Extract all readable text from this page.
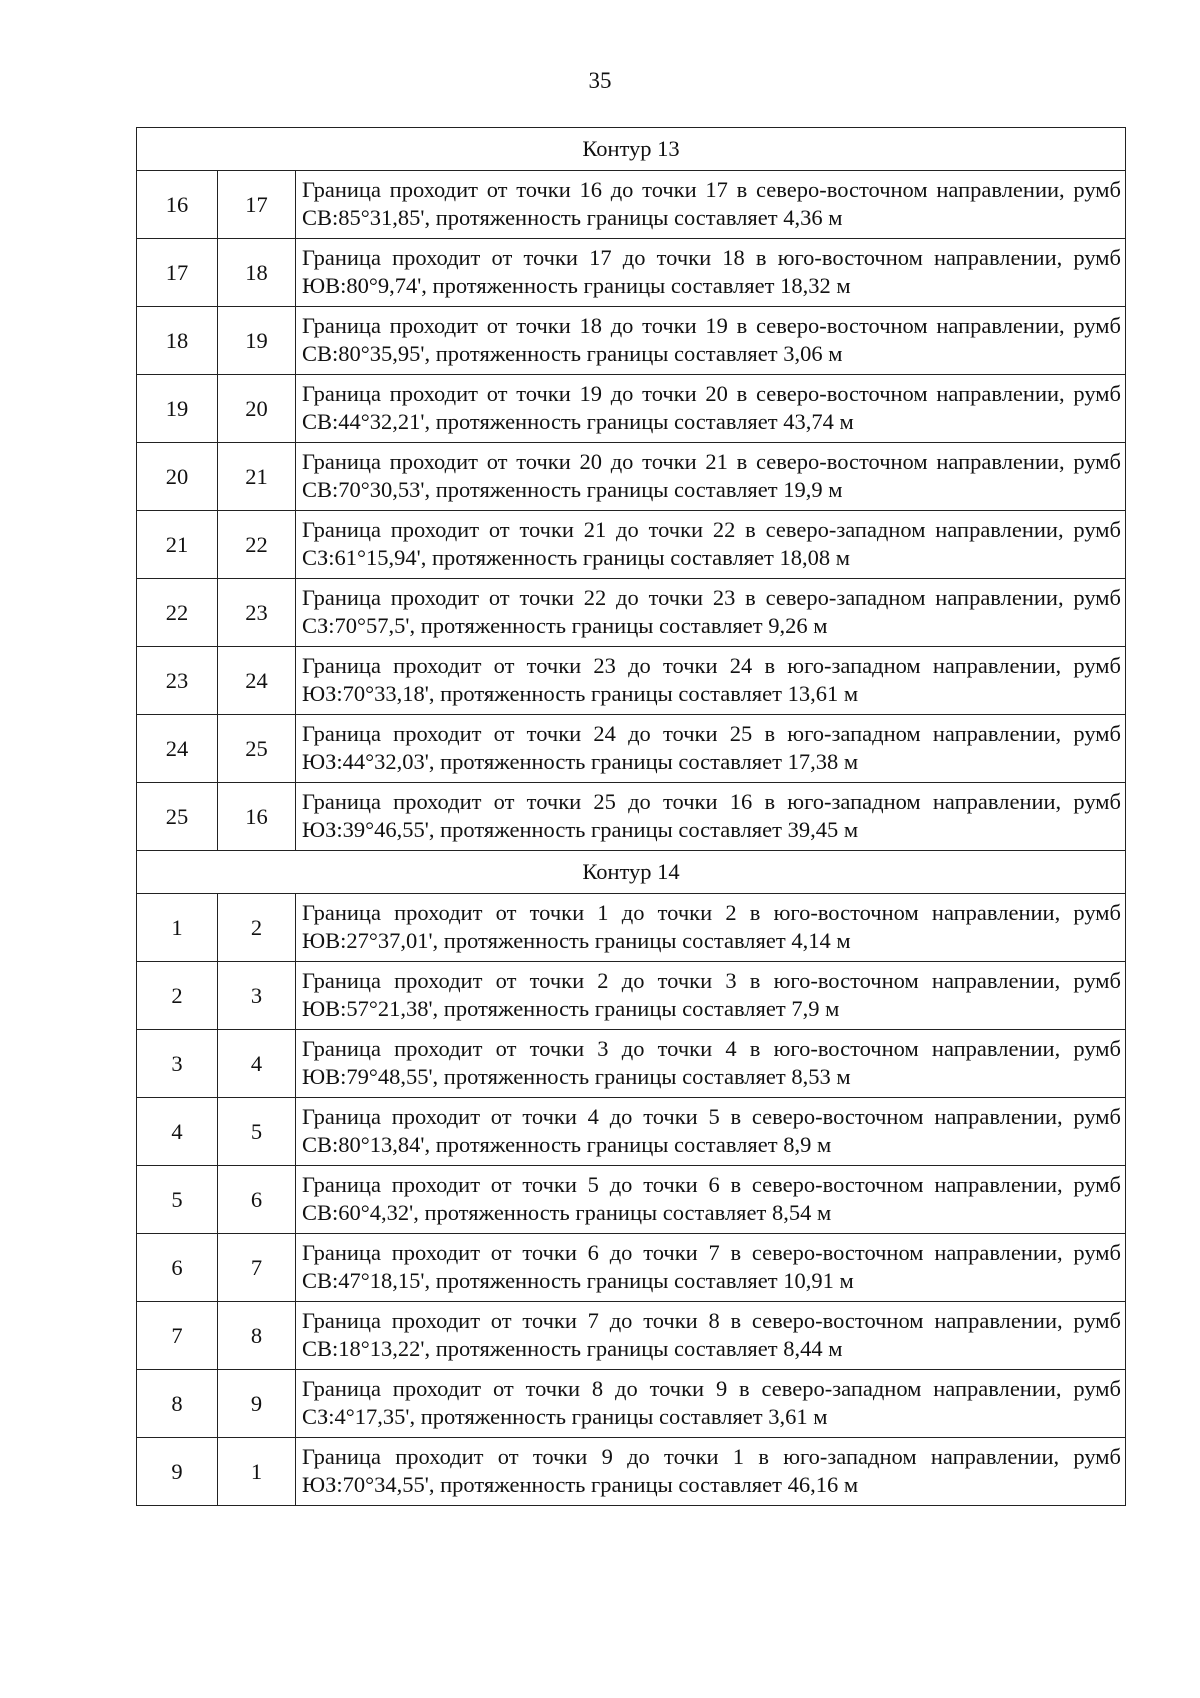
35
Контур 13		
16	17	Граница проходит от точки 16 до точки 17 в северо-восточном направлении, румб СВ:85°31,85', протяженность границы составляет 4,36 м

17	18	Граница проходит от точки 17 до точки 18 в юго-восточном направлении, румб ЮВ:80°9,74', протяженность границы составляет 18,32 м

18	19	Граница проходит от точки 18 до точки 19 в северо-восточном направлении, румб СВ:80°35,95', протяженность границы составляет 3,06 м

19	20	Граница проходит от точки 19 до точки 20 в северо-восточном направлении, румб СВ:44°32,21', протяженность границы составляет 43,74 м

20	21	Граница проходит от точки 20 до точки 21 в северо-восточном направлении, румб СВ:70°30,53', протяженность границы составляет 19,9 м

21	22	Граница проходит от точки 21 до точки 22 в северо-западном направлении, румб СЗ:61°15,94', протяженность границы составляет 18,08 м

22	23	Граница проходит от точки 22 до точки 23 в северо-западном направлении, румб СЗ:70°57,5', протяженность границы составляет 9,26 м

23	24	Граница проходит от точки 23 до точки 24 в юго-западном направлении, румб ЮЗ:70°33,18', протяженность границы составляет 13,61 м

24	25	Граница проходит от точки 24 до точки 25 в юго-западном направлении, румб ЮЗ:44°32,03', протяженность границы составляет 17,38 м

25	16	Граница проходит от точки 25 до точки 16 в юго-западном направлении, румб ЮЗ:39°46,55', протяженность границы составляет 39,45 м

Контур 14		
1	2	Граница проходит от точки 1 до точки 2 в юго-восточном направлении, румб ЮВ:27°37,01', протяженность границы составляет 4,14 м

2	3	Граница проходит от точки 2 до точки 3 в юго-восточном направлении, румб ЮВ:57°21,38', протяженность границы составляет 7,9 м

3	4	Граница проходит от точки 3 до точки 4 в юго-восточном направлении, румб ЮВ:79°48,55', протяженность границы составляет 8,53 м

4	5	Граница проходит от точки 4 до точки 5 в северо-восточном направлении, румб СВ:80°13,84', протяженность границы составляет 8,9 м

5	6	Граница проходит от точки 5 до точки 6 в северо-восточном направлении, румб СВ:60°4,32', протяженность границы составляет 8,54 м

6	7	Граница проходит от точки 6 до точки 7 в северо-восточном направлении, румб СВ:47°18,15', протяженность границы составляет 10,91 м

7	8	Граница проходит от точки 7 до точки 8 в северо-восточном направлении, румб СВ:18°13,22', протяженность границы составляет 8,44 м

8	9	Граница проходит от точки 8 до точки 9 в северо-западном направлении, румб СЗ:4°17,35', протяженность границы составляет 3,61 м

9	1	Граница проходит от точки 9 до точки 1 в юго-западном направлении, румб ЮЗ:70°34,55', протяженность границы составляет 46,16 м
